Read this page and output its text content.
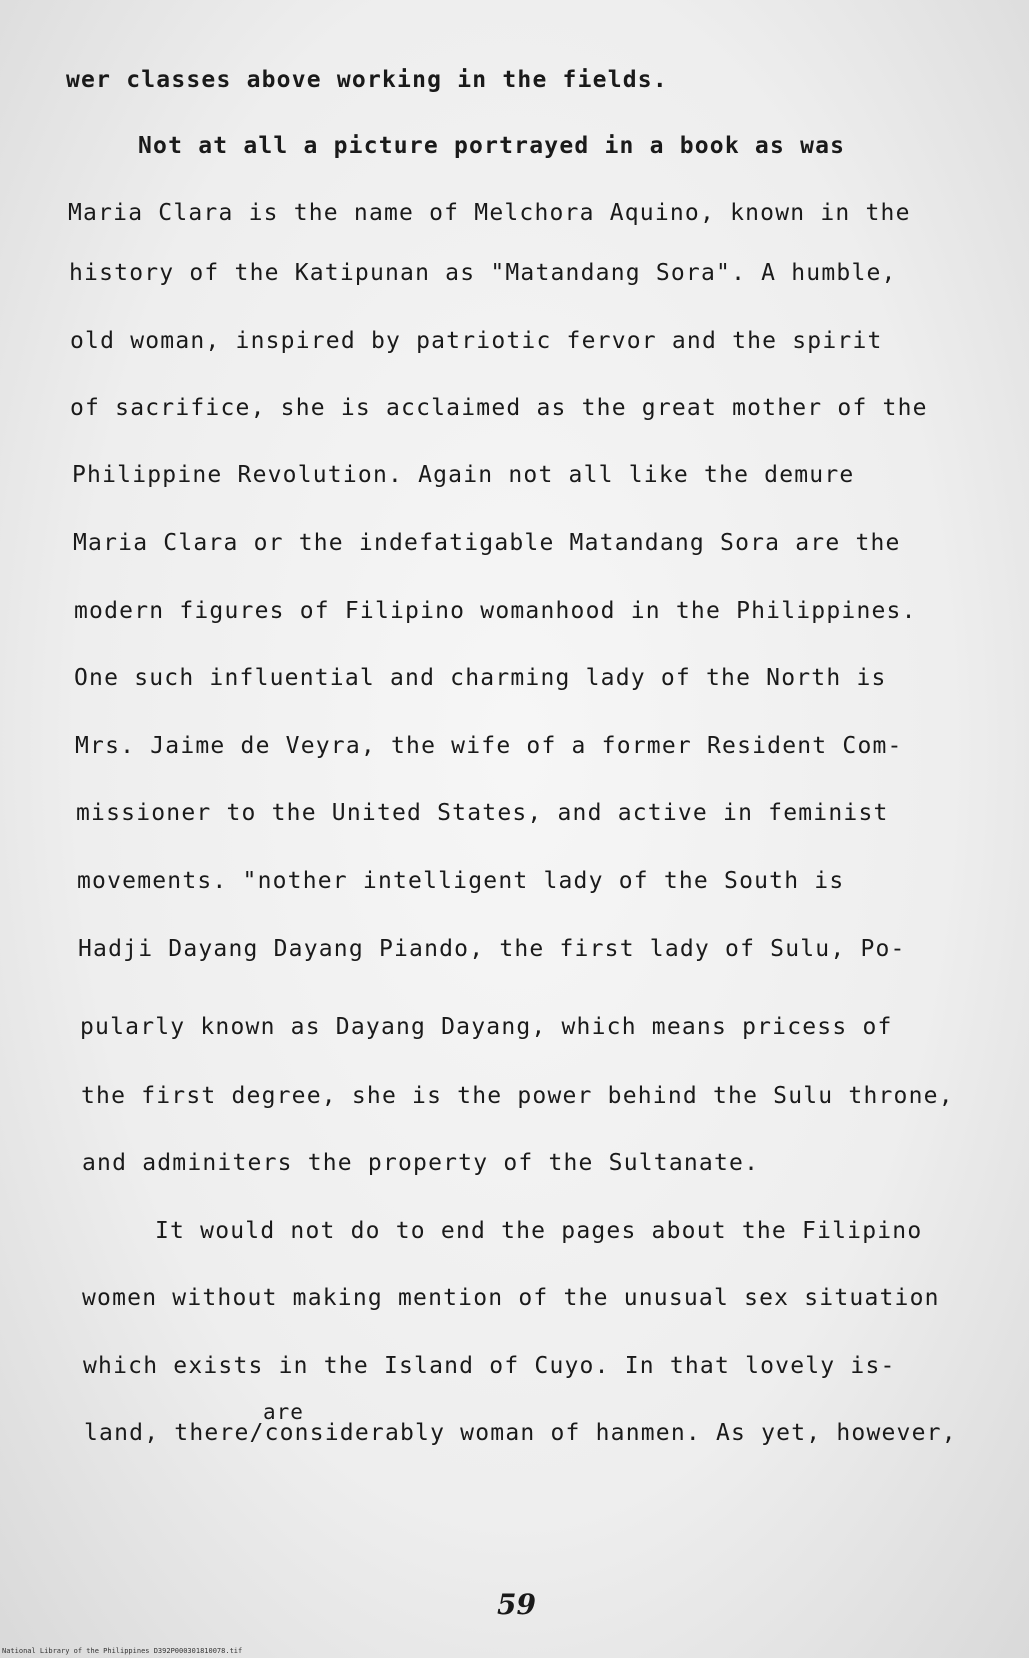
wer classes above working in the fields.
Not at all a picture portrayed in a book as was
Maria Clara is the name of Melchora Aquino, known in the
history of the Katipunan as "Matandang Sora". A humble,
old woman, inspired by patriotic fervor and the spirit
of sacrifice, she is acclaimed as the great mother of the
Philippine Revolution. Again not all like the demure
Maria Clara or the indefatigable Matandang Sora are the
modern figures of Filipino womanhood in the Philippines.
One such influential and charming lady of the North is
Mrs. Jaime de Veyra, the wife of a former Resident Com-
missioner to the United States, and active in feminist
movements. "nother intelligent lady of the South is
Hadji Dayang Dayang Piando, the first lady of Sulu, Po-
pularly known as Dayang Dayang, which means pricess of
the first degree, she is the power behind the Sulu throne,
and adminiters the property of the Sultanate.
It would not do to end the pages about the Filipino
women without making mention of the unusual sex situation
which exists in the Island of Cuyo. In that lovely is-
are
land, there/considerably woman of hanmen. As yet, however,
59
National Library of the Philippines D392P000301810078.tif
